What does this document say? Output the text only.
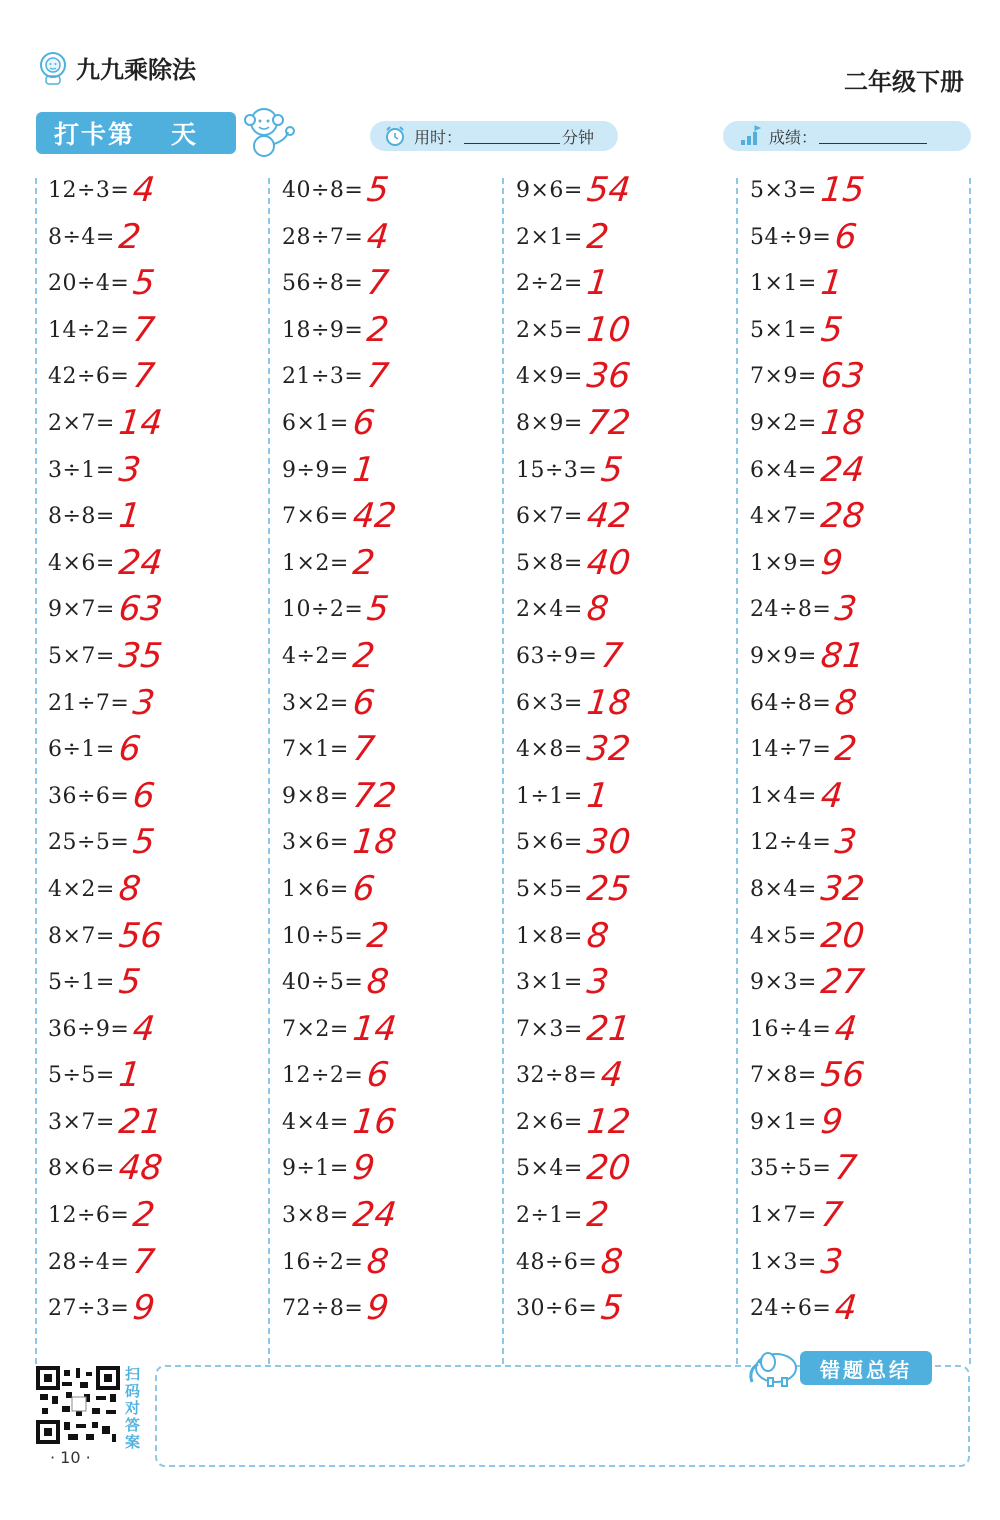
九九乘除法	二年级下册
打卡第 天	用时：	分钟	成绩：
12÷3= 4
8÷4= 2
20÷4= 5
14÷2= 7
42÷6= 7
2×7= 14
3÷1= 3
8÷8= 1
4×6= 24
9×7= 63
5×7= 35
21÷7= 3
6÷1= 6
36÷6= 6
25÷5= 5
4×2= 8
8×7= 56
5÷1= 5
36÷9= 4
5÷5= 1
3×7= 21
8×6= 48
12÷6= 2
28÷4= 7
27÷3= 9
40÷8= 5
28÷7= 4
56÷8= 7
18÷9= 2
21÷3= 7
6×1= 6
9÷9= 1
7×6= 42
1×2= 2
10÷2= 5
4÷2= 2
3×2= 6
7×1= 7
9×8= 72
3×6= 18
1×6= 6
10÷5= 2
40÷5= 8
7×2= 14
12÷2= 6
4×4= 16
9÷1= 9
3×8= 24
16÷2= 8
72÷8= 9
9×6= 54
2×1= 2
2÷2= 1
2×5= 10
4×9= 36
8×9= 72
15÷3= 5
6×7= 42
5×8= 40
2×4= 8
63÷9= 7
6×3= 18
4×8= 32
1÷1= 1
5×6= 30
5×5= 25
1×8= 8
3×1= 3
7×3= 21
32÷8= 4
2×6= 12
5×4= 20
2÷1= 2
48÷6= 8
30÷6= 5
5×3= 15
54÷9= 6
1×1= 1
5×1= 5
7×9= 63
9×2= 18
6×4= 24
4×7= 28
1×9= 9
24÷8= 3
9×9= 81
64÷8= 8
14÷7= 2
1×4= 4
12÷4= 3
8×4= 32
4×5= 20
9×3= 27
16÷4= 4
7×8= 56
9×1= 9
35÷5= 7
1×7= 7
1×3= 3
24÷6= 4
扫码对答案
· 10 ·
错题总结
